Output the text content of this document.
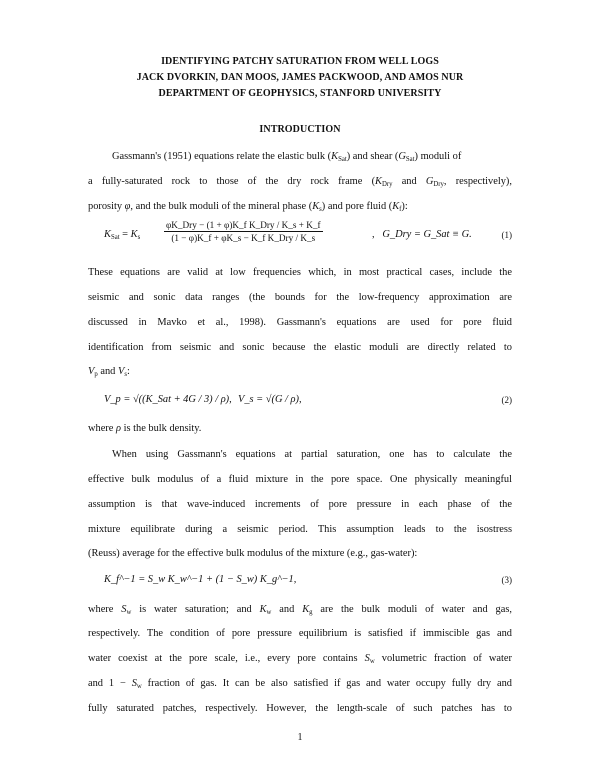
IDENTIFYING PATCHY SATURATION FROM WELL LOGS
JACK DVORKIN, DAN MOOS, JAMES PACKWOOD, AND AMOS NUR
DEPARTMENT OF GEOPHYSICS, STANFORD UNIVERSITY
INTRODUCTION
Gassmann's (1951) equations relate the elastic bulk $(K_{Sat})$ and shear $(G_{Sat})$ moduli of
a fully-saturated rock to those of the dry rock frame ($K_{Dry}$ and $G_{Dry}$, respectively),
porosity φ, and the bulk moduli of the mineral phase $(K_s)$ and pore fluid $(K_f)$:
$K_{Sat} = K_s$
φK_Dry − (1 + φ)K_f K_Dry / K_s + K_f
(1 − φ)K_f + φK_s − K_f K_Dry / K_s	,   G_Dry = G_Sat ≡ G.	(1)
These equations are valid at low frequencies which, in most practical cases, include the
seismic and sonic data ranges (the bounds for the low-frequency approximation are
discussed in Mavko et al., 1998). Gassmann's equations are used for pore fluid
identification from seismic and sonic because the elastic moduli are directly related to
$V_p$ and $V_s$:
V_p = √((K_Sat + 4G / 3) / ρ), V_s = √(G / ρ),	(2)
where ρ is the bulk density.
When using Gassmann's equations at partial saturation, one has to calculate the
effective bulk modulus of a fluid mixture in the pore space. One physically meaningful
assumption is that wave-induced increments of pore pressure in each phase of the
mixture equilibrate during a seismic period. This assumption leads to the isostress
(Reuss) average for the effective bulk modulus of the mixture (e.g., gas-water):
K_f^−1 = S_w K_w^−1 + (1 − S_w) K_g^−1,	(3)
where $S_w$ is water saturation; and $K_w$ and $K_g$ are the bulk moduli of water and gas,
respectively. The condition of pore pressure equilibrium is satisfied if immiscible gas and
water coexist at the pore scale, i.e., every pore contains $S_w$ volumetric fraction of water
and $1 - S_w$ fraction of gas. It can be also satisfied if gas and water occupy fully dry and
fully saturated patches, respectively. However, the length-scale of such patches has to
1
